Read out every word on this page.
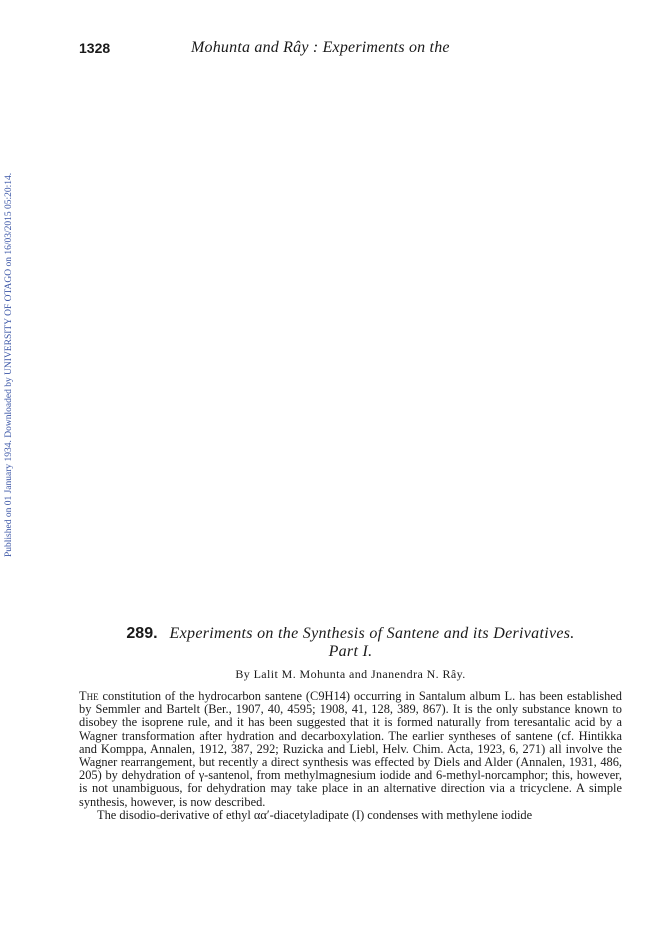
Published on 01 January 1934. Downloaded by UNIVERSITY OF OTAGO on 16/03/2015 05:20:14.
1328	Mohunta and Rây : Experiments on the

289. Experiments on the Synthesis of Santene and its Derivatives.
Part I.

By Lalit M. Mohunta and Jnanendra N. Rây.

The constitution of the hydrocarbon santene (C9H14) occurring in Santalum album L. has been established by Semmler and Bartelt (Ber., 1907, 40, 4595; 1908, 41, 128, 389, 867). It is the only substance known to disobey the isoprene rule, and it has been suggested that it is formed naturally from teresantalic acid by a Wagner transformation after hydration and decarboxylation. The earlier syntheses of santene (cf. Hintikka and Komppa, Annalen, 1912, 387, 292; Ruzicka and Liebl, Helv. Chim. Acta, 1923, 6, 271) all involve the Wagner rearrangement, but recently a direct synthesis was effected by Diels and Alder (Annalen, 1931, 486, 205) by dehydration of γ-santenol, from methylmagnesium iodide and 6-methyl-norcamphor; this, however, is not unambiguous, for dehydration may take place in an alternative direction via a tricyclene. A simple synthesis, however, is now described.

The disodio-derivative of ethyl αα′-diacetyladipate (I) condenses with methylene iodide
